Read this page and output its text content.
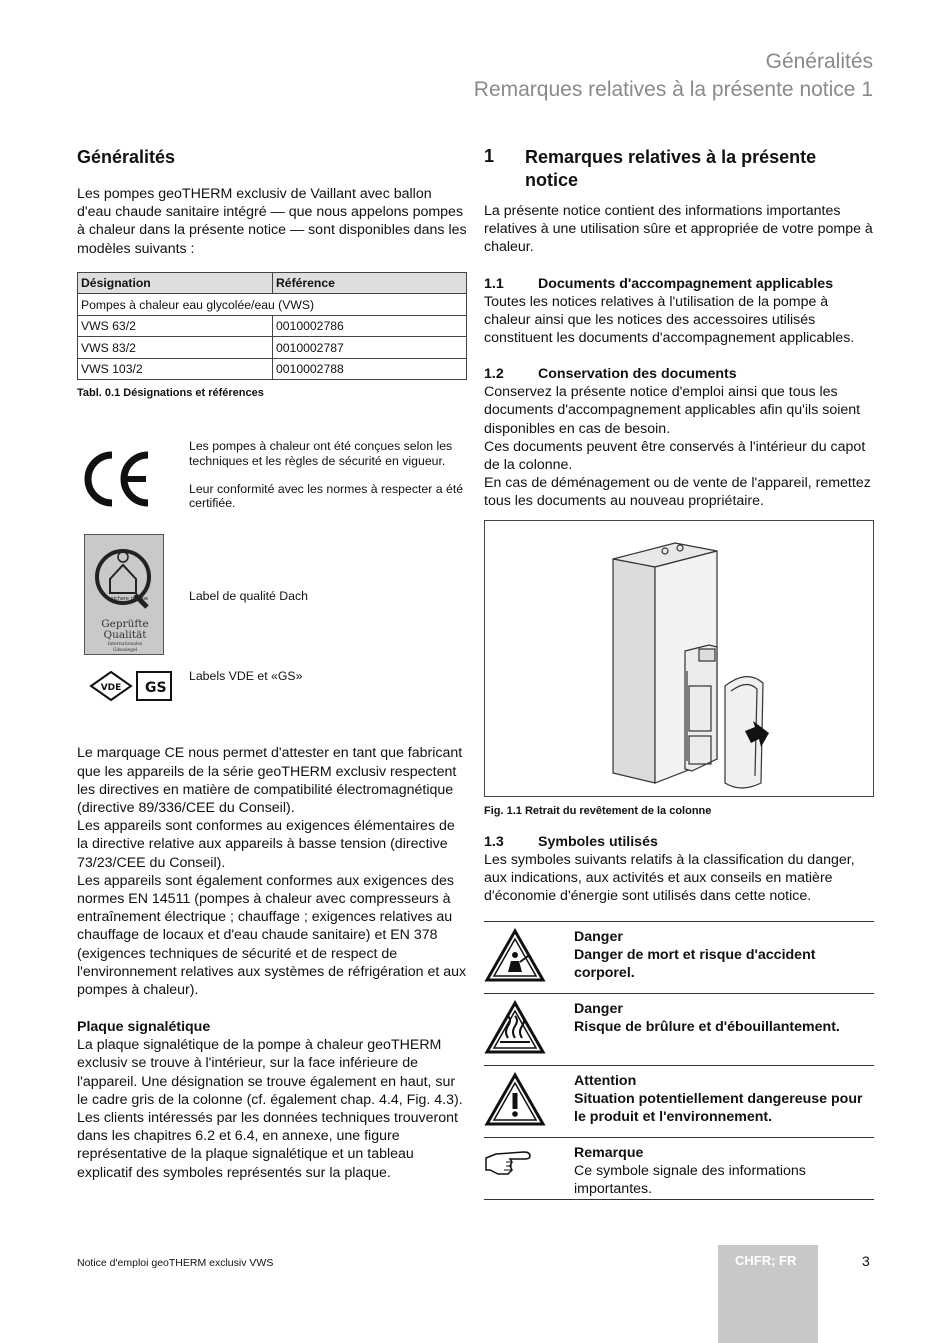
Généralités
Remarques relatives à la présente notice 1
Généralités

Les pompes geoTHERM exclusiv de Vaillant avec ballon d'eau chaude sanitaire intégré — que nous appelons pompes à chaleur dans la présente notice — sont disponibles dans les modèles suivants :

Désignation	Référence
Pompes à chaleur eau glycolée/eau (VWS)	
VWS 63/2	0010002786
VWS 83/2	0010002787
VWS 103/2	0010002788
Tabl. 0.1 Désignations et références
Les pompes à chaleur ont été conçues selon les techniques et les règles de sécurité en vigueur.
Leur conformité avec les normes à respecter a été certifiée.
sichere pumpe
Geprüfte
Qualität
Internationales
Gütesiegel
Label de qualité Dach
VDE GS
Labels VDE et «GS»

Le marquage CE nous permet d'attester en tant que fabricant que les appareils de la série geoTHERM exclusiv respectent les directives en matière de compatibilité électromagnétique (directive 89/336/CEE du Conseil).

Les appareils sont conformes au exigences élémentaires de la directive relative aux appareils à basse tension (directive 73/23/CEE du Conseil).

Les appareils sont également conformes aux exigences des normes EN 14511 (pompes à chaleur avec compresseurs à entraînement électrique ; chauffage ; exigences relatives au chauffage de locaux et d'eau chaude sanitaire) et EN 378 (exigences techniques de sécurité et de respect de l'environnement relatives aux systèmes de réfrigération et aux pompes à chaleur).

Plaque signalétique

La plaque signalétique de la pompe à chaleur geoTHERM exclusiv se trouve à l'intérieur, sur la face inférieure de l'appareil. Une désignation se trouve également en haut, sur le cadre gris de la colonne (cf. également chap. 4.4, Fig. 4.3). Les clients intéressés par les données techniques trouveront dans les chapitres 6.2 et 6.4, en annexe, une figure représentative de la plaque signalétique et un tableau explicatif des symboles représentés sur la plaque.

1	Remarques relatives à la présente notice

La présente notice contient des informations importantes relatives à une utilisation sûre et appropriée de votre pompe à chaleur.

1.1	Documents d'accompagnement applicables

Toutes les notices relatives à l'utilisation de la pompe à chaleur ainsi que les notices des accessoires utilisés constituent les documents d'accompagnement applicables.

1.2	Conservation des documents

Conservez la présente notice d'emploi ainsi que tous les documents d'accompagnement applicables afin qu'ils soient disponibles en cas de besoin.

Ces documents peuvent être conservés à l'intérieur du capot de la colonne.

En cas de déménagement ou de vente de l'appareil, remettez tous les documents au nouveau propriétaire.

Fig. 1.1 Retrait du revêtement de la colonne
1.3	Symboles utilisés

Les symboles suivants relatifs à la classification du danger, aux indications, aux activités et aux conseils en matière d'économie d'énergie sont utilisés dans cette notice.

Danger
Danger de mort et risque d'accident corporel.
Danger
Risque de brûlure et d'ébouillantement.
Attention
Situation potentiellement dangereuse pour le produit et l'environnement.
Remarque
Ce symbole signale des informations importantes.
Notice d'emploi geoTHERM exclusiv VWS	CHFR; FR	3
